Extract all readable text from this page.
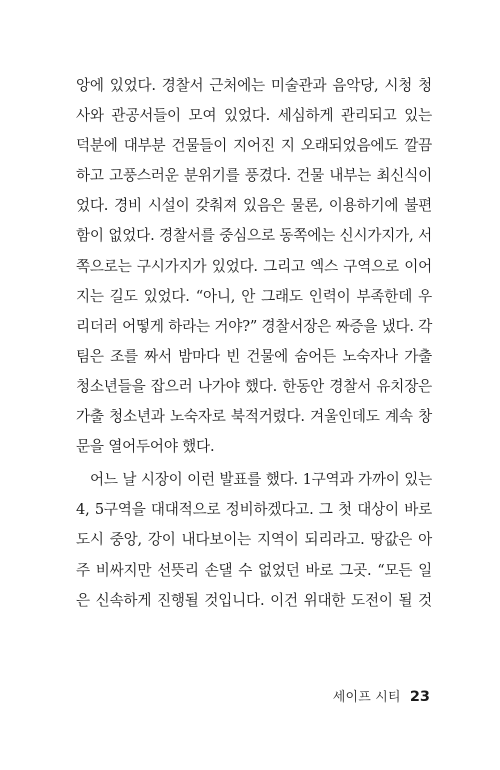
앙에 있었다. 경찰서 근처에는 미술관과 음악당, 시청 청
사와 관공서들이 모여 있었다. 세심하게 관리되고 있는
덕분에 대부분 건물들이 지어진 지 오래되었음에도 깔끔
하고 고풍스러운 분위기를 풍겼다. 건물 내부는 최신식이
었다. 경비 시설이 갖춰져 있음은 물론, 이용하기에 불편
함이 없었다. 경찰서를 중심으로 동쪽에는 신시가지가, 서
쪽으로는 구시가지가 있었다. 그리고 엑스 구역으로 이어
지는 길도 있었다. “아니, 안 그래도 인력이 부족한데 우
리더러 어떻게 하라는 거야?” 경찰서장은 짜증을 냈다. 각
팀은 조를 짜서 밤마다 빈 건물에 숨어든 노숙자나 가출
청소년들을 잡으러 나가야 했다. 한동안 경찰서 유치장은
가출 청소년과 노숙자로 북적거렸다. 겨울인데도 계속 창
문을 열어두어야 했다.
어느 날 시장이 이런 발표를 했다. 1구역과 가까이 있는
4, 5구역을 대대적으로 정비하겠다고. 그 첫 대상이 바로
도시 중앙, 강이 내다보이는 지역이 되리라고. 땅값은 아
주 비싸지만 선뜻리 손댈 수 없었던 바로 그곳. “모든 일
은 신속하게 진행될 것입니다. 이건 위대한 도전이 될 것
세이프 시티 23
